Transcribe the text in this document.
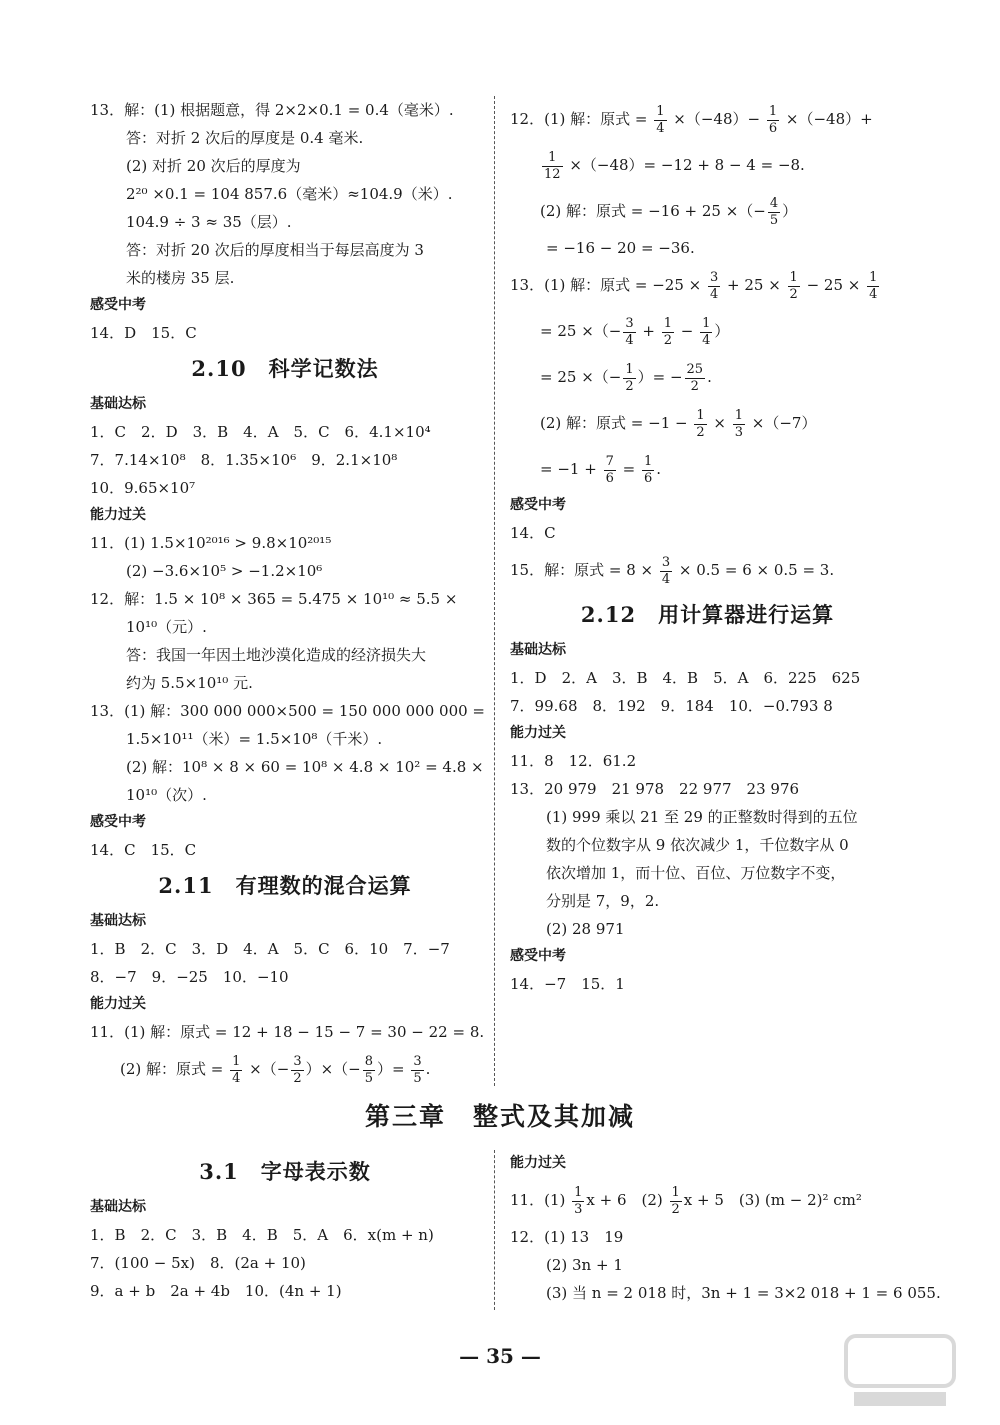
13．解：(1) 根据题意，得 2×2×0.1 = 0.4（毫米）.
答：对折 2 次后的厚度是 0.4 毫米.
(2) 对折 20 次后的厚度为
2²⁰ ×0.1 = 104 857.6（毫米）≈104.9（米）.
104.9 ÷ 3 ≈ 35（层）.
答：对折 20 次后的厚度相当于每层高度为 3
米的楼房 35 层.
感受中考
14．D　15．C
2.10　科学记数法
基础达标
1．C　2．D　3．B　4．A　5．C　6．4.1×10⁴
7．7.14×10⁸　8．1.35×10⁶　9．2.1×10⁸
10．9.65×10⁷
能力过关
11．(1) 1.5×10²⁰¹⁶ > 9.8×10²⁰¹⁵
(2) −3.6×10⁵ > −1.2×10⁶
12．解：1.5 × 10⁸ × 365 = 5.475 × 10¹⁰ ≈ 5.5 ×
10¹⁰（元）.
答：我国一年因土地沙漠化造成的经济损失大
约为 5.5×10¹⁰ 元.
13．(1) 解：300 000 000×500 = 150 000 000 000 =
1.5×10¹¹（米）= 1.5×10⁸（千米）.
(2) 解：10⁸ × 8 × 60 = 10⁸ × 4.8 × 10² = 4.8 ×
10¹⁰（次）.
感受中考
14．C　15．C
2.11　有理数的混合运算
基础达标
1．B　2．C　3．D　4．A　5．C　6．10　7．−7
8．−7　9．−25　10．−10
能力过关
11．(1) 解：原式 = 12 + 18 − 15 − 7 = 30 − 22 = 8.
　　(2) 解：原式 = $\frac{1}{4}$ ×（− $\frac{3}{2}$ ）×（− $\frac{8}{5}$ ）= $\frac{3}{5}$ .
12．(1) 解：原式 = $\frac{1}{4} \times(-48)- \frac{1}{6} \times(-48)+$

$\frac{1}{12} \times(-48)= -12 + 8 - 4 = -8$.
　　(2) 解：原式 = −16 + 25 ×（− $\frac{4}{5}$ ）
= −16 − 20 = −36.
13．(1) 解：原式 = $-25 \times \frac{3}{4} + 25 \times \frac{1}{2} - 25 \times \frac{1}{4}$
　　= 25 ×（− $\frac{3}{4} + \frac{1}{2} - \frac{1}{4}$ ）
　　= 25 ×（− $\frac{1}{2}$ ）= − $\frac{25}{2}$ .
　　(2) 解：原式 = $-1 - \frac{1}{2} \times \frac{1}{3} \times(-7)$
　　= $-1 + \frac{7}{6} = \frac{1}{6}$ .
感受中考
14．C
15．解：原式 = $8 \times \frac{3}{4} \times 0.5 = 6 \times 0.5 = 3$.
2.12　用计算器进行运算
基础达标
1．D　2．A　3．B　4．B　5．A　6．225　625
7．99.68　8．192　9．184　10．−0.793 8
能力过关
11．8　12．61.2
13．20 979　21 978　22 977　23 976
(1) 999 乘以 21 至 29 的正整数时得到的五位
数的个位数字从 9 依次减少 1，千位数字从 0
依次增加 1，而十位、百位、万位数字不变，
分别是 7，9，2.
(2) 28 971
感受中考
14．−7　15．1
第三章　整式及其加减
3.1　字母表示数
基础达标
1．B　2．C　3．B　4．B　5．A　6．x(m + n)
7．(100 − 5x)　8．(2a + 10)
9．a + b　2a + 4b　10．(4n + 1)
能力过关
11．$(1) \frac{1}{3}$ x + 6　$(2) \frac{1}{2}$ x + 5　(3) (m − 2)² cm²
12．(1) 13　19
(2) 3n + 1
(3) 当 n = 2 018 时，3n + 1 = 3×2 018 + 1 = 6 055.
— 35 —
